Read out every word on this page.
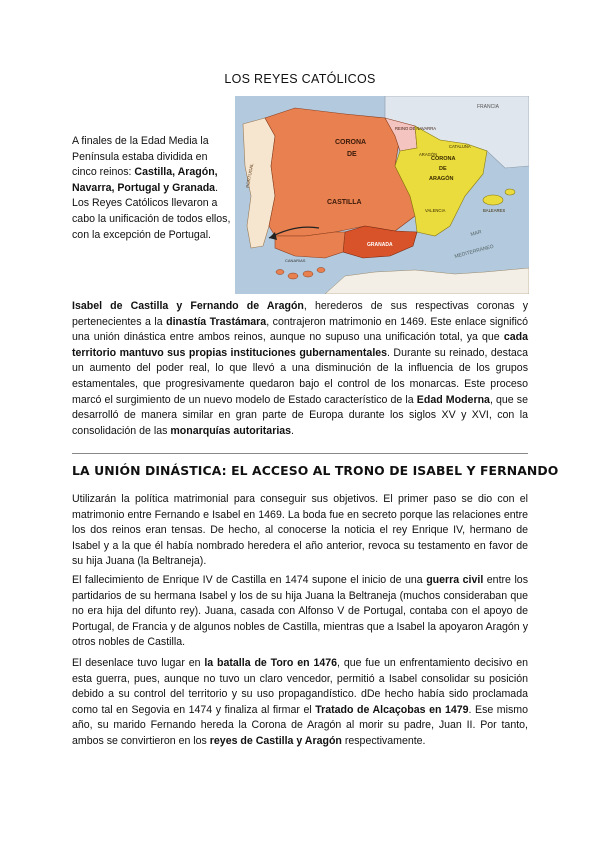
LOS REYES CATÓLICOS
A finales de la Edad Media la Península estaba dividida en cinco reinos: Castilla, Aragón, Navarra, Portugal y Granada. Los Reyes Católicos llevaron a cabo la unificación de todos ellos, con la excepción de Portugal.
FRANCIA
CORONA
DE
CASTILLA
REINO DE NAVARRA
CORONA
DE
ARAGÓN
CATALUÑA
ARAGÓN
VALENCIA	BALEARES
GRANADA
PORTUGAL
MAR
MEDITERRÁNEO
CANARIAS
Isabel de Castilla y Fernando de Aragón, herederos de sus respectivas coronas y pertenecientes a la dinastía Trastámara, contrajeron matrimonio en 1469. Este enlace significó una unión dinástica entre ambos reinos, aunque no supuso una unificación total, ya que cada territorio mantuvo sus propias instituciones gubernamentales. Durante su reinado, destaca un aumento del poder real, lo que llevó a una disminución de la influencia de los grupos estamentales, que progresivamente quedaron bajo el control de los monarcas. Este proceso marcó el surgimiento de un nuevo modelo de Estado característico de la Edad Moderna, que se desarrolló de manera similar en gran parte de Europa durante los siglos XV y XVI, con la consolidación de las monarquías autoritarias.
LA UNIÓN DINÁSTICA: EL ACCESO AL TRONO DE ISABEL Y FERNANDO
Utilizarán la política matrimonial para conseguir sus objetivos. El primer paso se dio con el matrimonio entre Fernando e Isabel en 1469. La boda fue en secreto porque las relaciones entre los dos reinos eran tensas. De hecho, al conocerse la noticia el rey Enrique IV, hermano de Isabel y a la que él había nombrado heredera el año anterior, revoca su testamento en favor de su hija Juana (la Beltraneja).
El fallecimiento de Enrique IV de Castilla en 1474 supone el inicio de una guerra civil entre los partidarios de su hermana Isabel y los de su hija Juana la Beltraneja (muchos consideraban que no era hija del difunto rey). Juana, casada con Alfonso V de Portugal, contaba con el apoyo de Portugal, de Francia y de algunos nobles de Castilla, mientras que a Isabel la apoyaron Aragón y otros nobles de Castilla.
El desenlace tuvo lugar en la batalla de Toro en 1476, que fue un enfrentamiento decisivo en esta guerra, pues, aunque no tuvo un claro vencedor, permitió a Isabel consolidar su posición debido a su control del territorio y su uso propagandístico. dDe hecho había sido proclamada como tal en Segovia en 1474 y finaliza al firmar el Tratado de Alcaçobas en 1479. Ese mismo año, su marido Fernando hereda la Corona de Aragón al morir su padre, Juan II. Por tanto, ambos se convirtieron en los reyes de Castilla y Aragón respectivamente.
